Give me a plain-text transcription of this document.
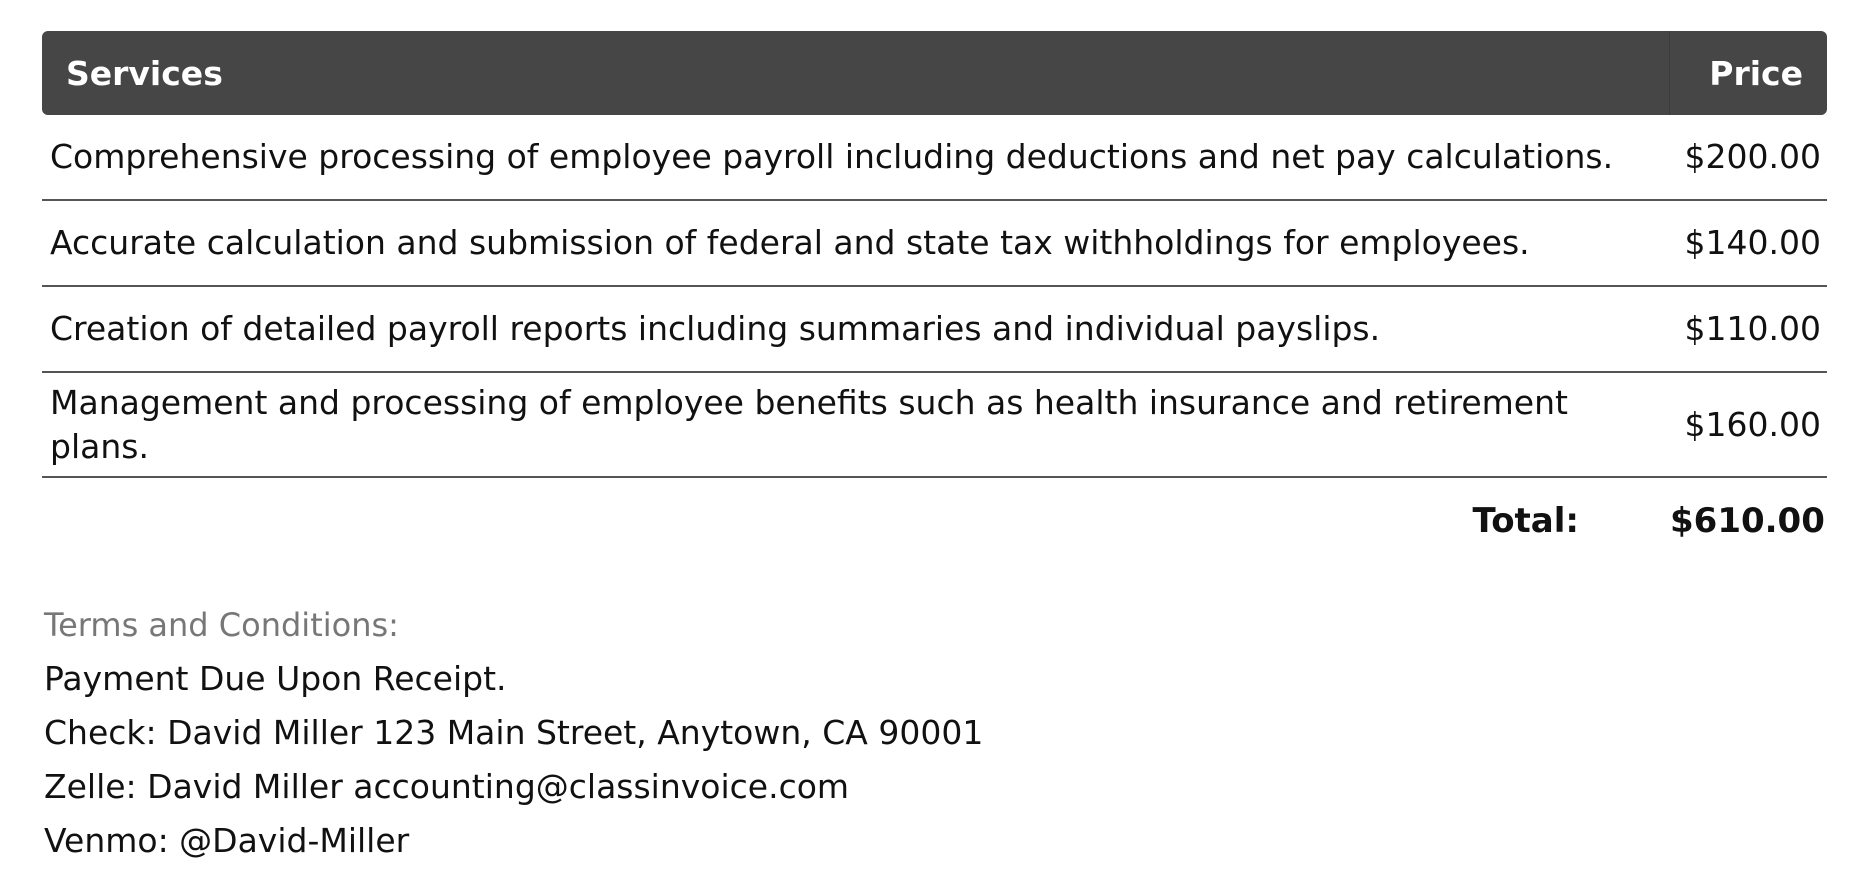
Services	Price
Comprehensive processing of employee payroll including deductions and net pay calculations.	$200.00
Accurate calculation and submission of federal and state tax withholdings for employees.	$140.00
Creation of detailed payroll reports including summaries and individual payslips.	$110.00
Management and processing of employee benefits such as health insurance and retirement plans.	$160.00
Total:	$610.00
Terms and Conditions:
Payment Due Upon Receipt.
Check: David Miller 123 Main Street, Anytown, CA 90001
Zelle: David Miller accounting@classinvoice.com
Venmo: @David-Miller
